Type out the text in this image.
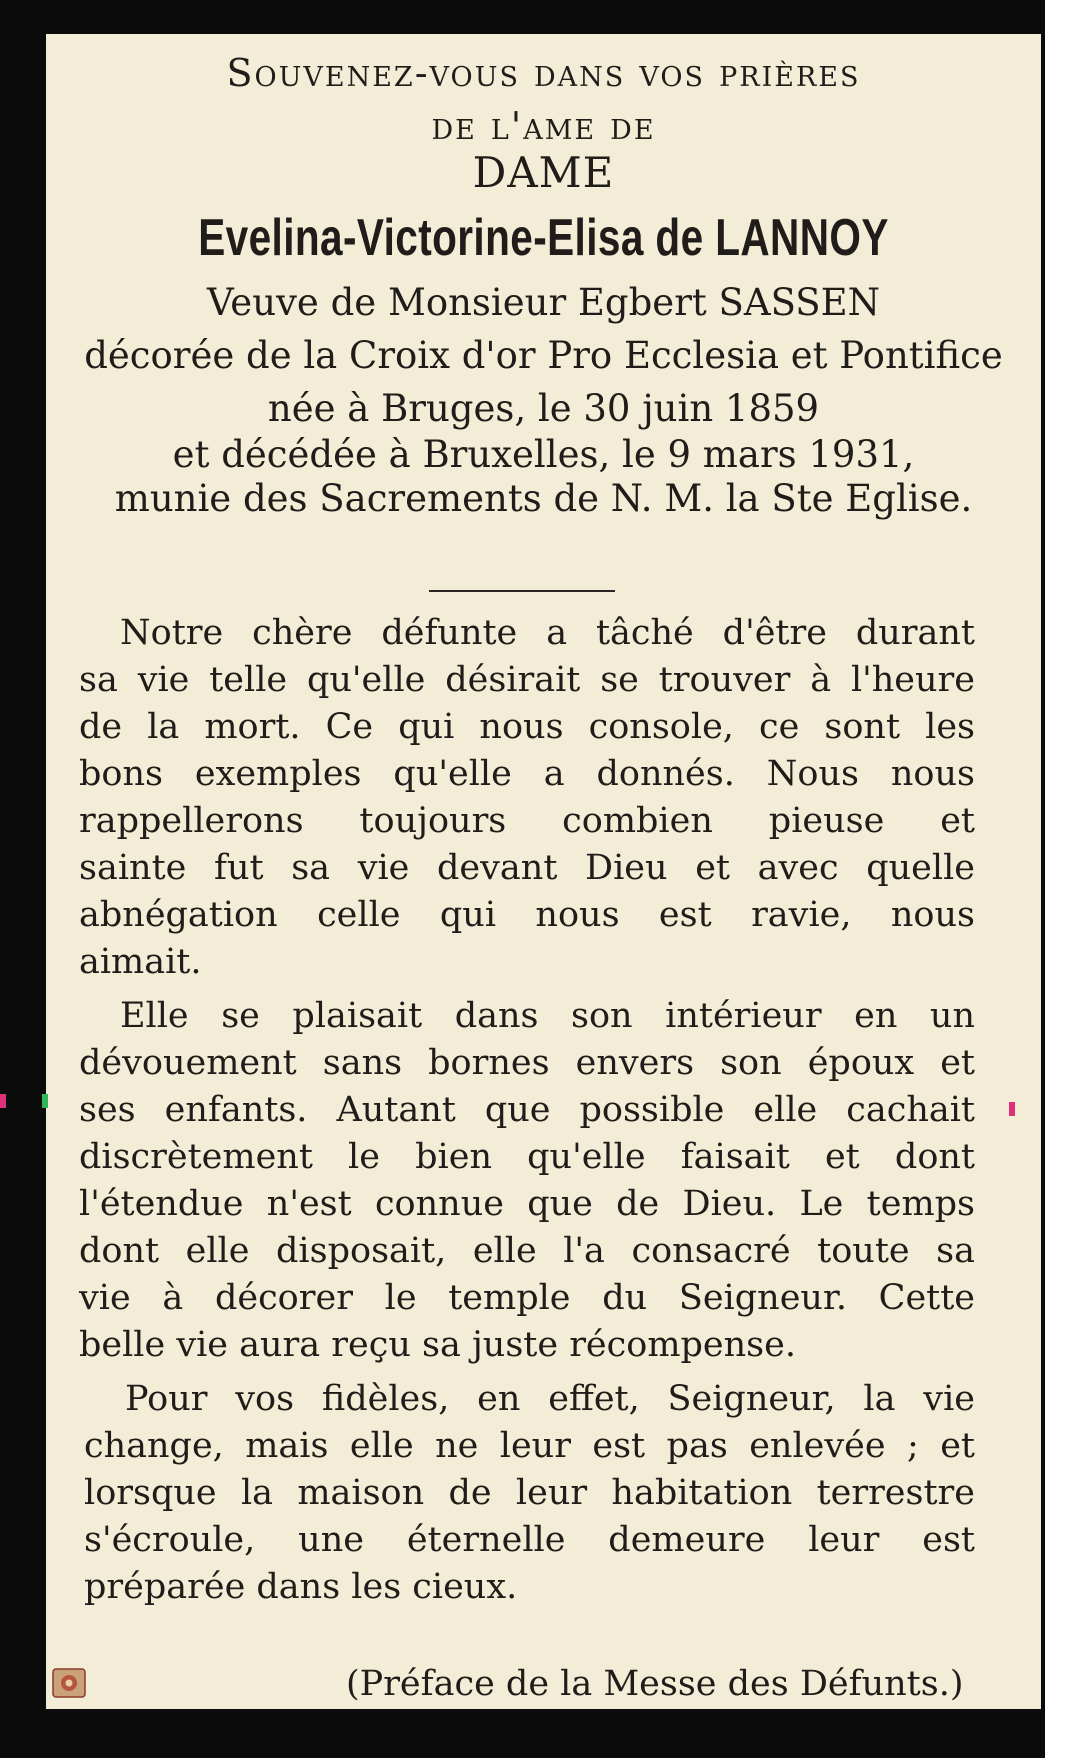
Souvenez-vous dans vos prières
de l'ame de
DAME
Evelina-Victorine-Elisa de LANNOY
Veuve de Monsieur Egbert SASSEN
décorée de la Croix d'or Pro Ecclesia et Pontifice
née à Bruges, le 30 juin 1859
et décédée à Bruxelles, le 9 mars 1931,
munie des Sacrements de N. M. la Ste Eglise.
Notre chère défunte a tâché d'être durant
sa vie telle qu'elle désirait se trouver à l'heure
de la mort. Ce qui nous console, ce sont les
bons exemples qu'elle a donnés. Nous nous
rappellerons toujours combien pieuse et
sainte fut sa vie devant Dieu et avec quelle
abnégation celle qui nous est ravie, nous
aimait.
Elle se plaisait dans son intérieur en un
dévouement sans bornes envers son époux et
ses enfants. Autant que possible elle cachait
discrètement le bien qu'elle faisait et dont
l'étendue n'est connue que de Dieu. Le temps
dont elle disposait, elle l'a consacré toute sa
vie à décorer le temple du Seigneur. Cette
belle vie aura reçu sa juste récompense.
Pour vos fidèles, en effet, Seigneur, la vie
change, mais elle ne leur est pas enlevée ; et
lorsque la maison de leur habitation terrestre
s'écroule, une éternelle demeure leur est
préparée dans les cieux.
(Préface de la Messe des Défunts.)
